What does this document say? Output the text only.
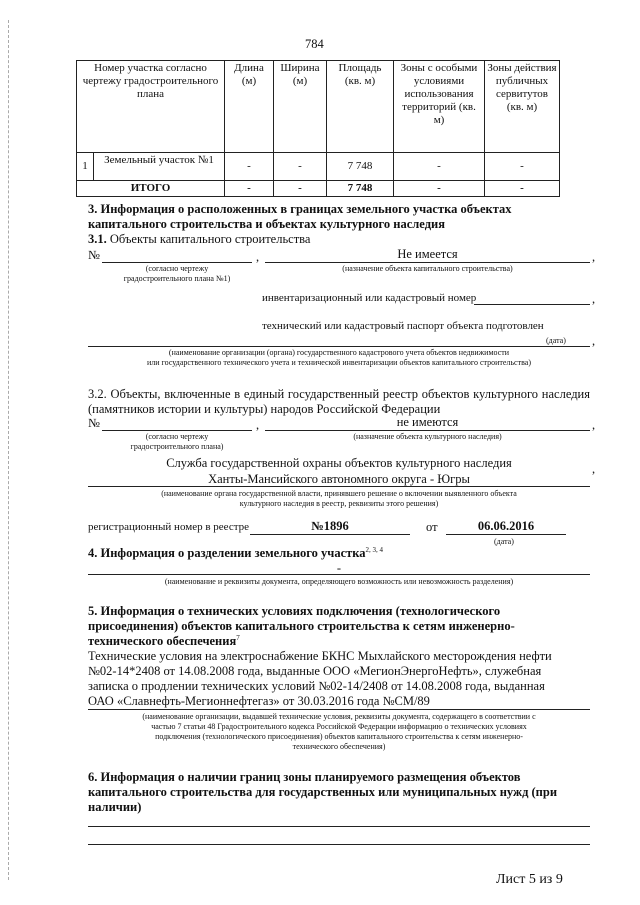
784
Номер участка согласно чертежу градостроительного плана		Длина (м)	Ширина (м)	Площадь (кв. м)	Зоны с особыми условиями использования территорий (кв. м)	Зоны действия публичных сервитутов (кв. м)
1	Земельный участок №1	-	-	7 748	-	-
ИТОГО		-	-	7 748	-	-
3. Информация о расположенных в границах земельного участка объектах капитального строительства и объектах культурного наследия
3.1. Объекты капитального строительства
№	,	Не имеется	,
(согласно чертежу
градостроительного плана №1)
(назначение объекта капитального строительства)
инвентаризационный или кадастровый номер	,
технический или кадастровый паспорт объекта подготовлен
,
(дата)
(наименование организации (органа) государственного кадастрового учета объектов недвижимости
или государственного технического учета и технической инвентаризации объектов капитального строительства)
3.2. Объекты, включенные в единый государственный реестр объектов культурного наследия (памятников истории и культуры) народов Российской Федерации
№	,	не имеются	,
(согласно чертежу
градостроительного плана)
(назначение объекта культурного наследия)
Служба государственной охраны объектов культурного наследия
Ханты-Мансийского автономного округа - Югры
,
(наименование органа государственной власти, принявшего решение о включении выявленного объекта
культурного наследия в реестр, реквизиты этого решения)
регистрационный номер в реестре	№1896	от	06.06.2016
(дата)
4. Информация о разделении земельного участка$^{2, 3, 4}$
-
(наименование и реквизиты документа, определяющего возможность или невозможность разделения)
5. Информация о технических условиях подключения (технологического
присоединения) объектов капитального строительства к сетям инженерно-
технического обеспечения$^7$
Технические условия на электроснабжение БКНС Мыхлайского месторождения нефти
№02-14*2408 от 14.08.2008 года, выданные ООО «МегионЭнергоНефть», служебная
записка о продлении технических условий №02-14/2408 от 14.08.2008 года, выданная
ОАО «Славнефть-Мегионнефтегаз» от 30.03.2016 года №СМ/89
(наименование организации, выдавшей технические условия, реквизиты документа, содержащего в соответствии с
частью 7 статьи 48 Градостроительного кодекса Российской Федерации информацию о технических условиях
подключения (технологического присоединения) объектов капитального строительства к сетям инженерно-
технического обеспечения)
6. Информация о наличии границ зоны планируемого размещения объектов
капитального строительства для государственных или муниципальных нужд (при
наличии)
Лист 5 из 9
